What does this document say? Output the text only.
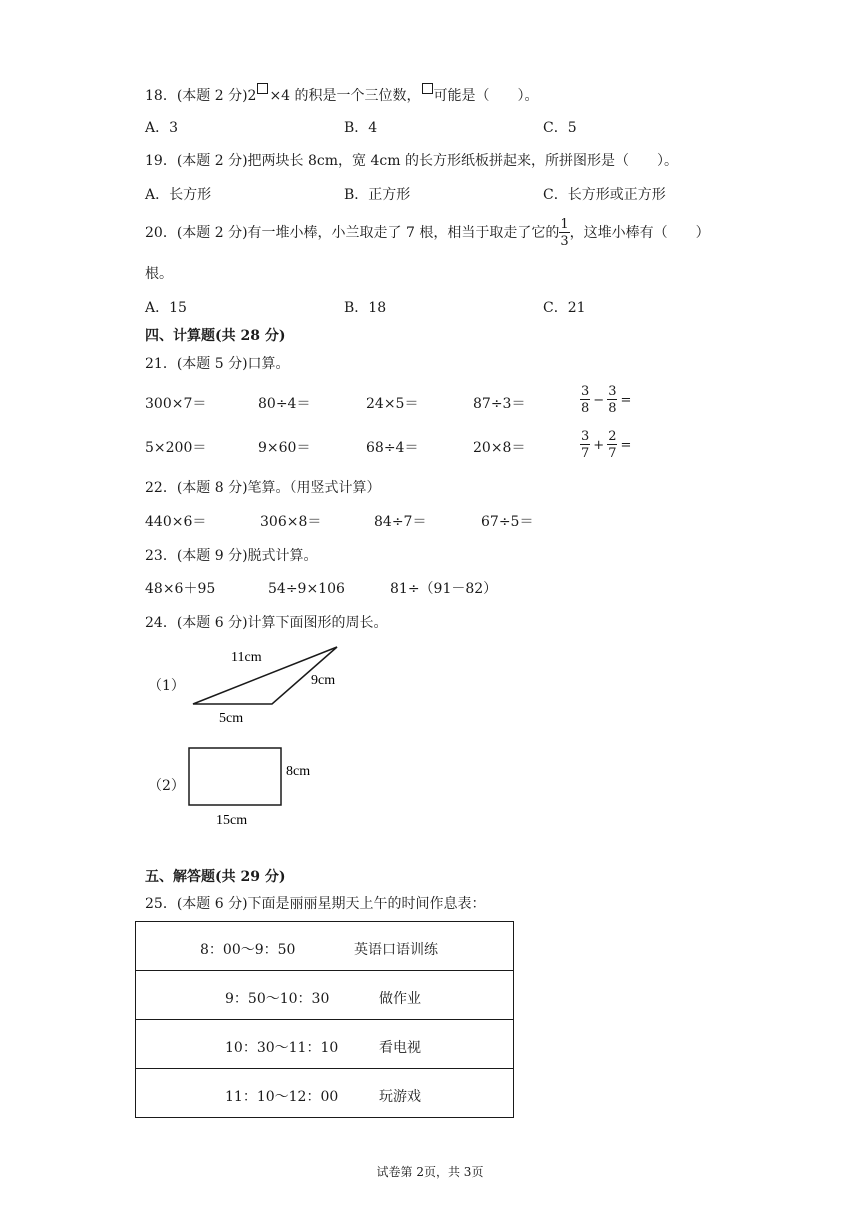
18．(本题 2 分)2 ×4 的积是一个三位数， 可能是（　　）。
A．3	B．4	C．5
19．(本题 2 分)把两块长 8cm，宽 4cm 的长方形纸板拼起来，所拼图形是（　　）。
A．长方形	B．正方形	C．长方形或正方形
20．(本题 2 分)有一堆小棒，小兰取走了 7 根，相当于取走了它的 $\frac{1}{3}$ ，这堆小棒有（　　）
根。
A．15	B．18	C．21
四、计算题(共 28 分)
21．(本题 5 分)口算。
300×7＝	80÷4＝	24×5＝	87÷3＝	$\frac{3}{8} - \frac{3}{8}$ =
5×200＝	9×60＝	68÷4＝	20×8＝	$\frac{3}{7} + \frac{2}{7}$ =
22．(本题 8 分)笔算。（用竖式计算）
440×6＝	306×8＝	84÷7＝	67÷5＝
23．(本题 9 分)脱式计算。
48×6＋95	54÷9×106	81÷（91－82）
24．(本题 6 分)计算下面图形的周长。
（1）
11cm
9cm
5cm
（2）
8cm
15cm
五、解答题(共 29 分)
25．(本题 6 分)下面是丽丽星期天上午的时间作息表：
8：00～9：50	英语口语训练

9：50～10：30	做作业

10：30～11：10	看电视

11：10～12：00	玩游戏
试卷第 2页，共 3页
